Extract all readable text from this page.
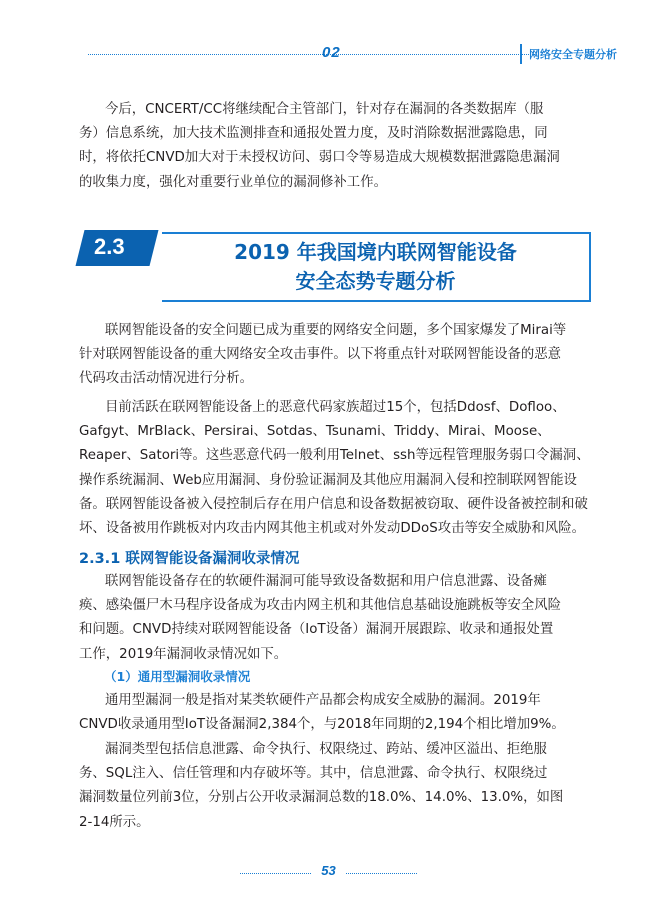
02	网络安全专题分析
今后，CNCERT/CC将继续配合主管部门，针对存在漏洞的各类数据库（服
务）信息系统，加大技术监测排查和通报处置力度，及时消除数据泄露隐患，同
时，将依托CNVD加大对于未授权访问、弱口令等易造成大规模数据泄露隐患漏洞
的收集力度，强化对重要行业单位的漏洞修补工作。
2.3	2019 年我国境内联网智能设备
安全态势专题分析
联网智能设备的安全问题已成为重要的网络安全问题，多个国家爆发了Mirai等
针对联网智能设备的重大网络安全攻击事件。以下将重点针对联网智能设备的恶意
代码攻击活动情况进行分析。
目前活跃在联网智能设备上的恶意代码家族超过15个，包括Ddosf、Dofloo、
Gafgyt、MrBlack、Persirai、Sotdas、Tsunami、Triddy、Mirai、Moose、
Reaper、Satori等。这些恶意代码一般利用Telnet、ssh等远程管理服务弱口令漏洞、
操作系统漏洞、Web应用漏洞、身份验证漏洞及其他应用漏洞入侵和控制联网智能设
备。联网智能设备被入侵控制后存在用户信息和设备数据被窃取、硬件设备被控制和破
坏、设备被用作跳板对内攻击内网其他主机或对外发动DDoS攻击等安全威胁和风险。
2.3.1 联网智能设备漏洞收录情况
联网智能设备存在的软硬件漏洞可能导致设备数据和用户信息泄露、设备瘫
痪、感染僵尸木马程序设备成为攻击内网主机和其他信息基础设施跳板等安全风险
和问题。CNVD持续对联网智能设备（IoT设备）漏洞开展跟踪、收录和通报处置
工作，2019年漏洞收录情况如下。
（1）通用型漏洞收录情况
通用型漏洞一般是指对某类软硬件产品都会构成安全威胁的漏洞。2019年
CNVD收录通用型IoT设备漏洞2,384个，与2018年同期的2,194个相比增加9%。
漏洞类型包括信息泄露、命令执行、权限绕过、跨站、缓冲区溢出、拒绝服
务、SQL注入、信任管理和内存破坏等。其中，信息泄露、命令执行、权限绕过
漏洞数量位列前3位，分别占公开收录漏洞总数的18.0%、14.0%、13.0%，如图
2-14所示。
53
